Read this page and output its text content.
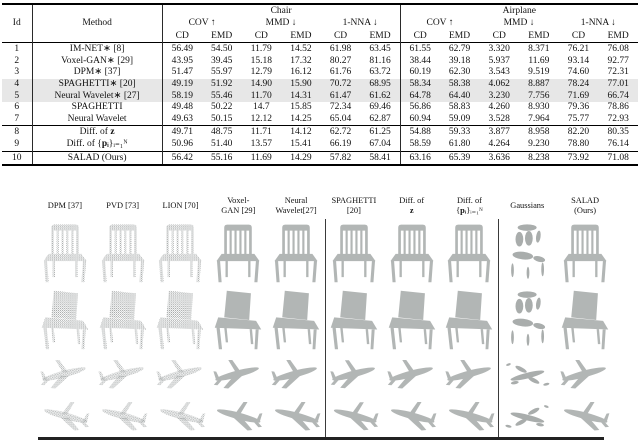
Id	Method	Chair						Airplane					
		COV ↑		MMD ↓		1-NNA ↓		COV ↑		MMD ↓		1-NNA ↓	
		CD	EMD	CD	EMD	CD	EMD	CD	EMD	CD	EMD	CD	EMD
1	IM-NET∗ [8]	56.49	54.50	11.79	14.52	61.98	63.45	61.55	62.79	3.320	8.371	76.21	76.08
2	Voxel-GAN∗ [29]	43.95	39.45	15.18	17.32	80.27	81.16	38.44	39.18	5.937	11.69	93.14	92.77
3	DPM∗ [37]	51.47	55.97	12.79	16.12	61.76	63.72	60.19	62.30	3.543	9.519	74.60	72.31
4	SPAGHETTI∗ [20]	49.19	51.92	14.90	15.90	70.72	68.95	58.34	58.38	4.062	8.887	78.24	77.01
5	Neural Wavelet∗ [27]	58.19	55.46	11.70	14.31	61.47	61.62	64.78	64.40	3.230	7.756	71.69	66.74
6	SPAGHETTI	49.48	50.22	14.7	15.85	72.34	69.46	56.86	58.83	4.260	8.930	79.36	78.86
7	Neural Wavelet	49.63	50.15	12.12	14.25	65.04	62.87	60.94	59.09	3.528	7.964	75.77	72.93
8	Diff. of z	49.71	48.75	11.71	14.12	62.72	61.25	54.88	59.33	3.877	8.958	82.20	80.35
9	Diff. of {pᵢ}ᵢ₌₁ᴺ	50.96	51.40	13.57	15.41	66.19	67.04	58.59	61.80	4.264	9.230	78.80	76.14
10	SALAD (Ours)	56.42	55.16	11.69	14.29	57.82	58.41	63.16	65.39	3.636	8.238	73.92	71.08
DPM [37]	PVD [73]	LION [70]
Voxel-
GAN [29]
Neural
Wavelet[27]
SPAGHETTI
[20]
Diff. of
z
Diff. of
{pᵢ}ᵢ₌₁ᴺ
Gaussians
SALAD
(Ours)
